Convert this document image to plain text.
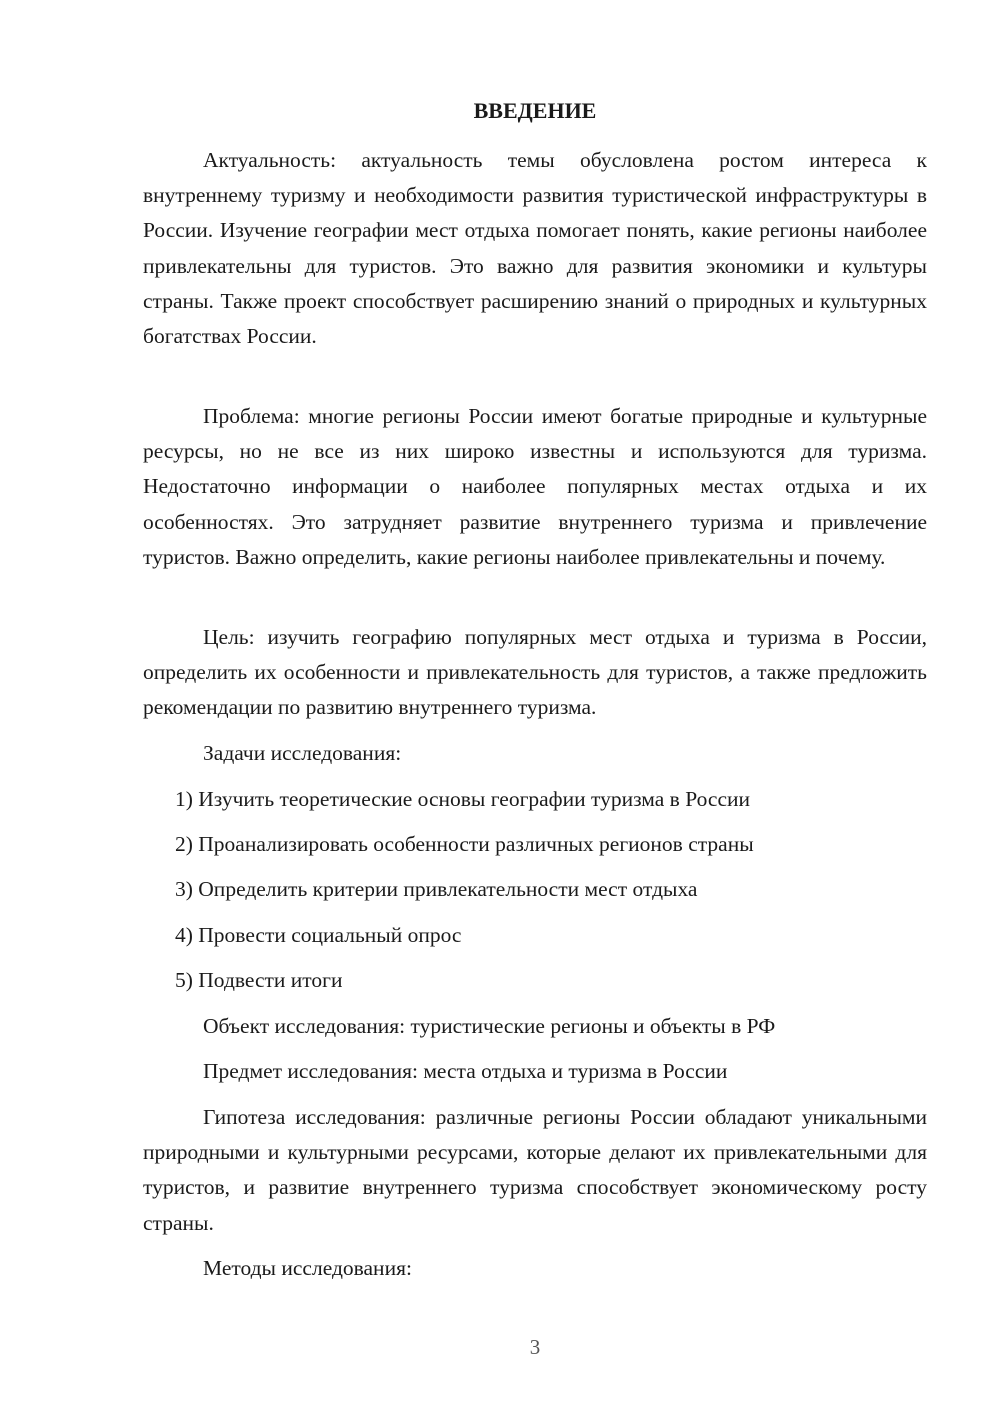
ВВЕДЕНИЕ

Актуальность: актуальность темы обусловлена ростом интереса к внутреннему туризму и необходимости развития туристической инфраструктуры в России. Изучение географии мест отдыха помогает понять, какие регионы наиболее привлекательны для туристов. Это важно для развития экономики и культуры страны. Также проект способствует расширению знаний о природных и культурных богатствах России.

Проблема: многие регионы России имеют богатые природные и культурные ресурсы, но не все из них широко известны и используются для туризма. Недостаточно информации о наиболее популярных местах отдыха и их особенностях. Это затрудняет развитие внутреннего туризма и привлечение туристов. Важно определить, какие регионы наиболее привлекательны и почему.

Цель: изучить географию популярных мест отдыха и туризма в России, определить их особенности и привлекательность для туристов, а также предложить рекомендации по развитию внутреннего туризма.

Задачи исследования:

1) Изучить теоретические основы географии туризма в России

2) Проанализировать особенности различных регионов страны

3) Определить критерии привлекательности мест отдыха

4) Провести социальный опрос

5) Подвести итоги

Объект исследования: туристические регионы и объекты в РФ

Предмет исследования: места отдыха и туризма в России

Гипотеза исследования: различные регионы России обладают уникальными природными и культурными ресурсами, которые делают их привлекательными для туристов, и развитие внутреннего туризма способствует экономическому росту страны.

Методы исследования:

3
